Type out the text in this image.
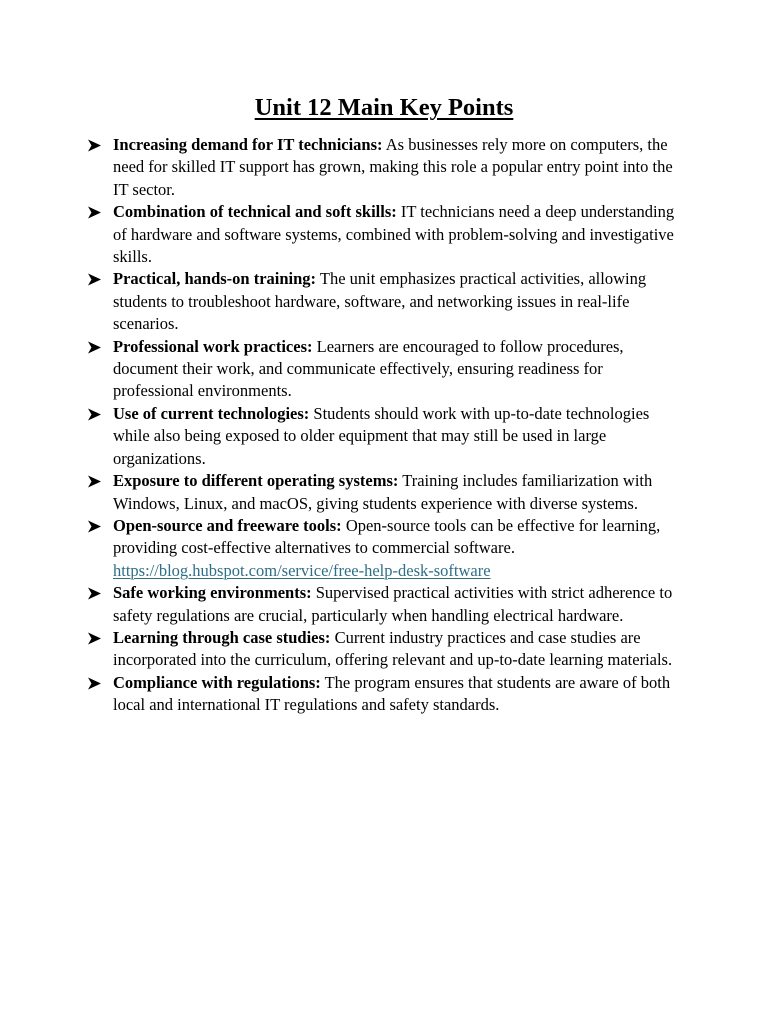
Unit 12 Main Key Points
Increasing demand for IT technicians: As businesses rely more on computers, the need for skilled IT support has grown, making this role a popular entry point into the IT sector.
Combination of technical and soft skills: IT technicians need a deep understanding of hardware and software systems, combined with problem-solving and investigative skills.
Practical, hands-on training: The unit emphasizes practical activities, allowing students to troubleshoot hardware, software, and networking issues in real-life scenarios.
Professional work practices: Learners are encouraged to follow procedures, document their work, and communicate effectively, ensuring readiness for professional environments.
Use of current technologies: Students should work with up-to-date technologies while also being exposed to older equipment that may still be used in large organizations.
Exposure to different operating systems: Training includes familiarization with Windows, Linux, and macOS, giving students experience with diverse systems.
Open-source and freeware tools: Open-source tools can be effective for learning, providing cost-effective alternatives to commercial software. https://blog.hubspot.com/service/free-help-desk-software
Safe working environments: Supervised practical activities with strict adherence to safety regulations are crucial, particularly when handling electrical hardware.
Learning through case studies: Current industry practices and case studies are incorporated into the curriculum, offering relevant and up-to-date learning materials.
Compliance with regulations: The program ensures that students are aware of both local and international IT regulations and safety standards.
